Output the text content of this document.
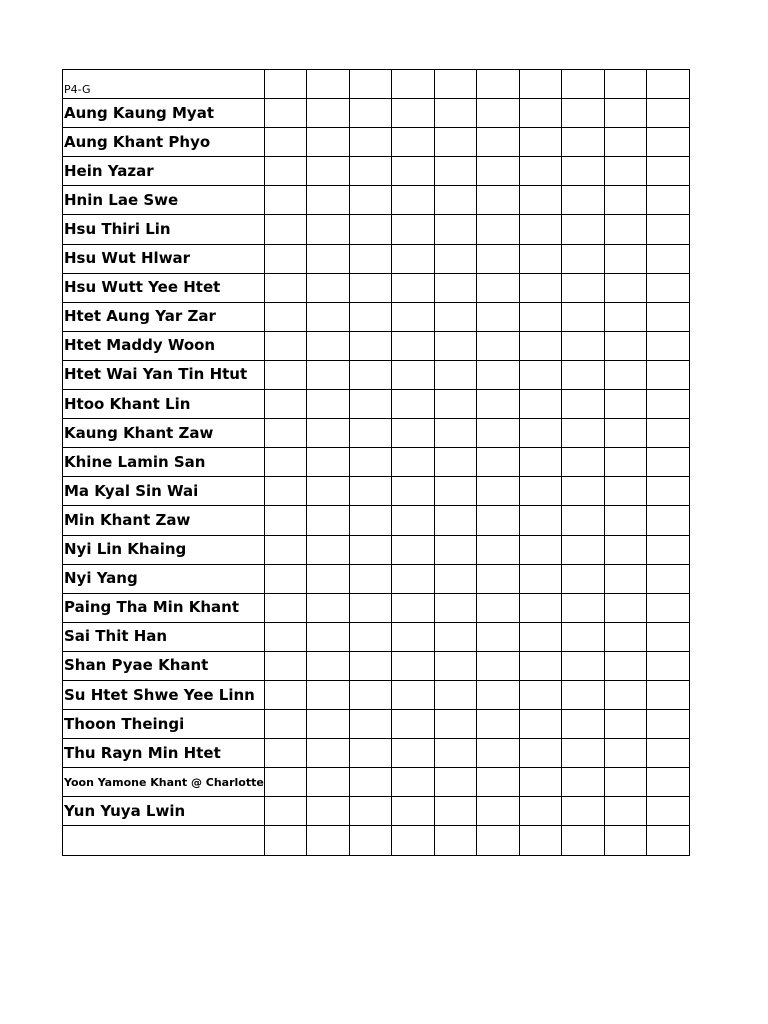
P4-G										
Aung Kaung Myat										
Aung Khant Phyo										
Hein Yazar										
Hnin Lae Swe										
Hsu Thiri Lin										
Hsu Wut Hlwar										
Hsu Wutt Yee Htet										
Htet Aung Yar Zar										
Htet Maddy Woon										
Htet Wai Yan Tin Htut										
Htoo Khant Lin										
Kaung Khant Zaw										
Khine Lamin San										
Ma Kyal Sin Wai										
Min Khant Zaw										
Nyi Lin Khaing										
Nyi Yang										
Paing Tha Min Khant										
Sai Thit Han										
Shan Pyae Khant										
Su Htet Shwe Yee Linn										
Thoon Theingi										
Thu Rayn Min Htet										
Yoon Yamone Khant @ Charlotte										
Yun Yuya Lwin										
